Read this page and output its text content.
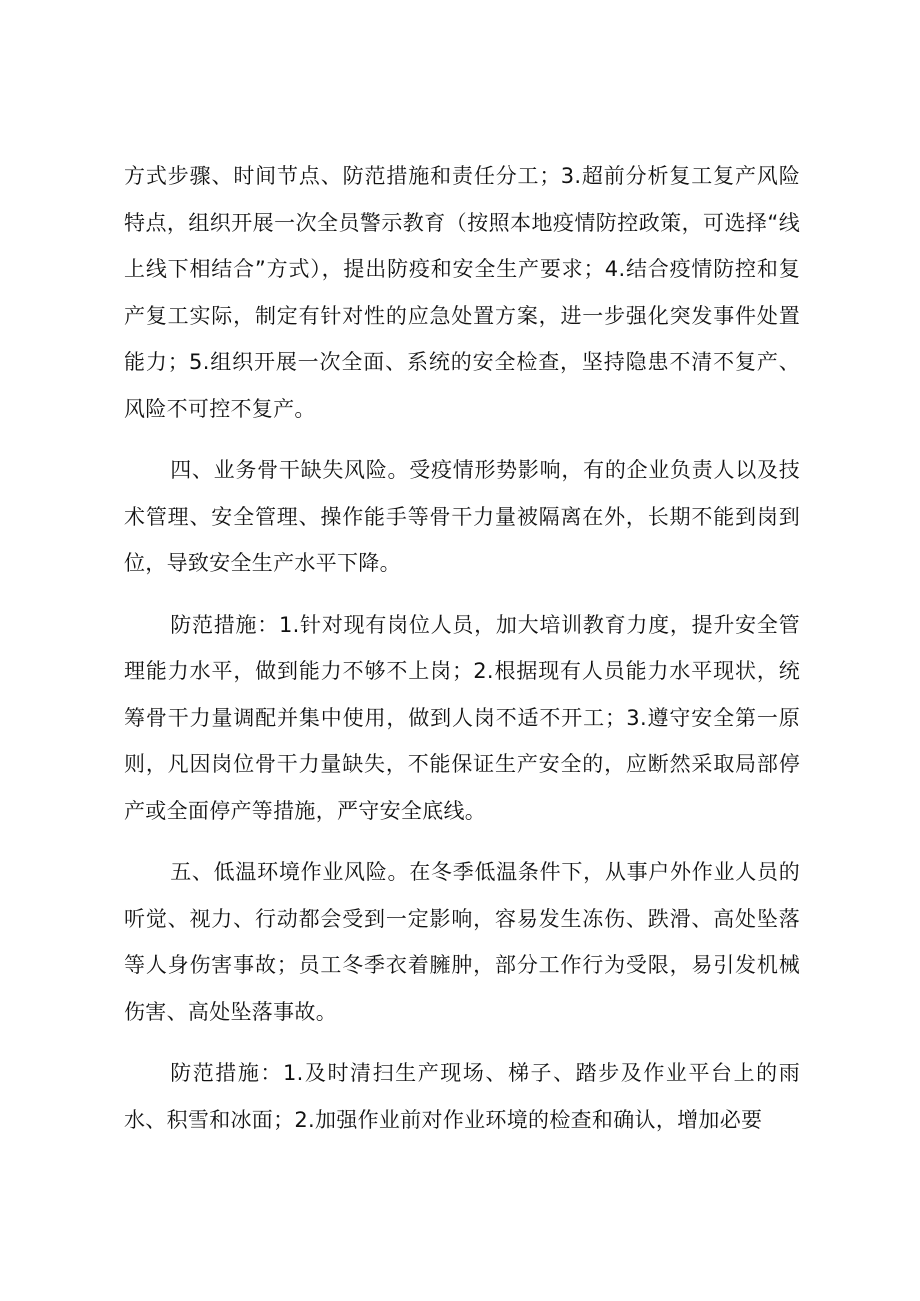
方式步骤、时间节点、防范措施和责任分工；3.超前分析复工复产风险特点，组织开展一次全员警示教育（按照本地疫情防控政策，可选择“线上线下相结合”方式），提出防疫和安全生产要求；4.结合疫情防控和复产复工实际，制定有针对性的应急处置方案，进一步强化突发事件处置能力；5.组织开展一次全面、系统的安全检查，坚持隐患不清不复产、风险不可控不复产。

四、业务骨干缺失风险。受疫情形势影响，有的企业负责人以及技术管理、安全管理、操作能手等骨干力量被隔离在外，长期不能到岗到位，导致安全生产水平下降。

防范措施：1.针对现有岗位人员，加大培训教育力度，提升安全管理能力水平，做到能力不够不上岗；2.根据现有人员能力水平现状，统筹骨干力量调配并集中使用，做到人岗不适不开工；3.遵守安全第一原则，凡因岗位骨干力量缺失，不能保证生产安全的，应断然采取局部停产或全面停产等措施，严守安全底线。

五、低温环境作业风险。在冬季低温条件下，从事户外作业人员的听觉、视力、行动都会受到一定影响，容易发生冻伤、跌滑、高处坠落等人身伤害事故；员工冬季衣着臃肿，部分工作行为受限，易引发机械伤害、高处坠落事故。

防范措施：1.及时清扫生产现场、梯子、踏步及作业平台上的雨水、积雪和冰面；2.加强作业前对作业环境的检查和确认，增加必要
